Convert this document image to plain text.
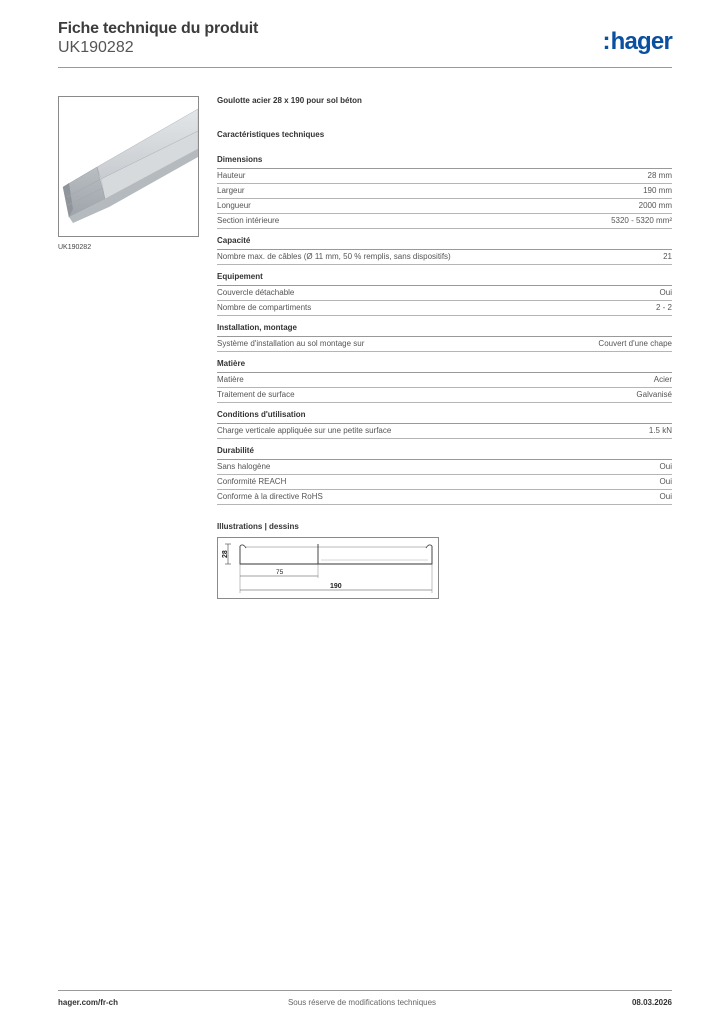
Fiche technique du produit
UK190282	:hager
UK190282
Goulotte acier 28 x 190 pour sol béton
Caractéristiques techniques
Dimensions
Hauteur	28 mm
Largeur	190 mm
Longueur	2000 mm
Section intérieure	5320 - 5320 mm²
Capacité
Nombre max. de câbles (Ø 11 mm, 50 % remplis, sans dispositifs)	21
Equipement
Couvercle détachable	Oui
Nombre de compartiments	2 - 2
Installation, montage
Système d'installation au sol montage sur	Couvert d'une chape
Matière
Matière	Acier
Traitement de surface	Galvanisé
Conditions d'utilisation
Charge verticale appliquée sur une petite surface	1.5 kN
Durabilité
Sans halogène	Oui
Conformité REACH	Oui
Conforme à la directive RoHS	Oui
Illustrations | dessins
28
75
190
hager.com/fr-ch	Sous réserve de modifications techniques	08.03.2026
